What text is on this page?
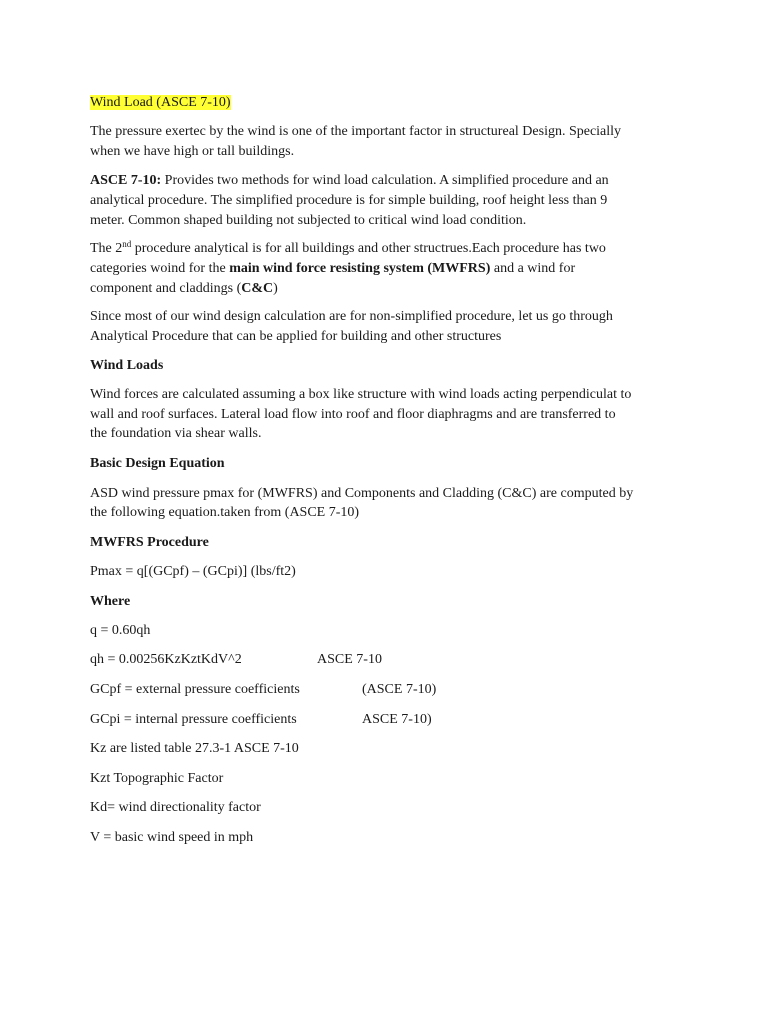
Wind Load (ASCE 7-10)
The pressure exertec by the wind is one of the important factor in structureal Design. Specially
when we have high or tall buildings.
ASCE 7-10: Provides two methods for wind load calculation. A simplified procedure and an
analytical procedure. The simplified procedure is for simple building, roof height less than 9
meter. Common shaped building not subjected to critical wind load condition.
The 2nd procedure analytical is for all buildings and other structrues.Each procedure has two
categories woind for the main wind force resisting system (MWFRS) and a wind for
component and claddings (C&C)
Since most of our wind design calculation are for non-simplified procedure, let us go through
Analytical Procedure that can be applied for building and other structures
Wind Loads
Wind forces are calculated assuming a box like structure with wind loads acting perpendiculat to
wall and roof surfaces. Lateral load flow into roof and floor diaphragms and are transferred to
the foundation via shear walls.
Basic Design Equation
ASD wind pressure pmax for (MWFRS) and Components and Cladding (C&C) are computed by
the following equation.taken from (ASCE 7-10)
MWFRS Procedure
Pmax = q[(GCpf) – (GCpi)] (lbs/ft2)
Where
q = 0.60qh
qh = 0.00256KzKztKdV^2	ASCE 7-10
GCpf = external pressure coefficients	(ASCE 7-10)
GCpi = internal pressure coefficients	ASCE 7-10)
Kz are listed table 27.3-1 ASCE 7-10
Kzt Topographic Factor
Kd= wind directionality factor
V = basic wind speed in mph
